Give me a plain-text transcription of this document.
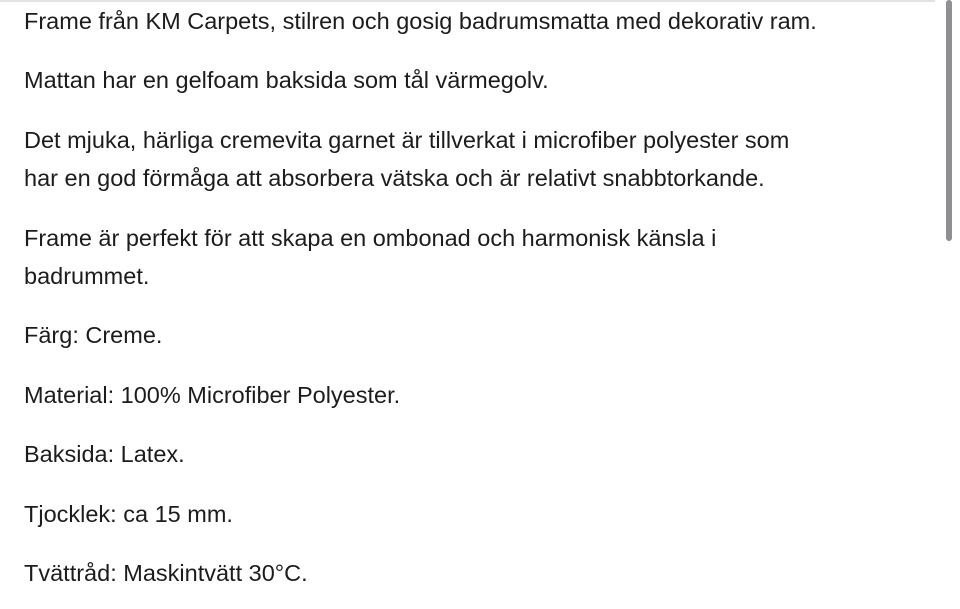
Frame från KM Carpets, stilren och gosig badrumsmatta med dekorativ ram.

Mattan har en gelfoam baksida som tål värmegolv.

Det mjuka, härliga cremevita garnet är tillverkat i microfiber polyester som
har en god förmåga att absorbera vätska och är relativt snabbtorkande.

Frame är perfekt för att skapa en ombonad och harmonisk känsla i
badrummet.

Färg: Creme.

Material: 100% Microfiber Polyester.

Baksida: Latex.

Tjocklek: ca 15 mm.

Tvättråd: Maskintvätt 30°C.
